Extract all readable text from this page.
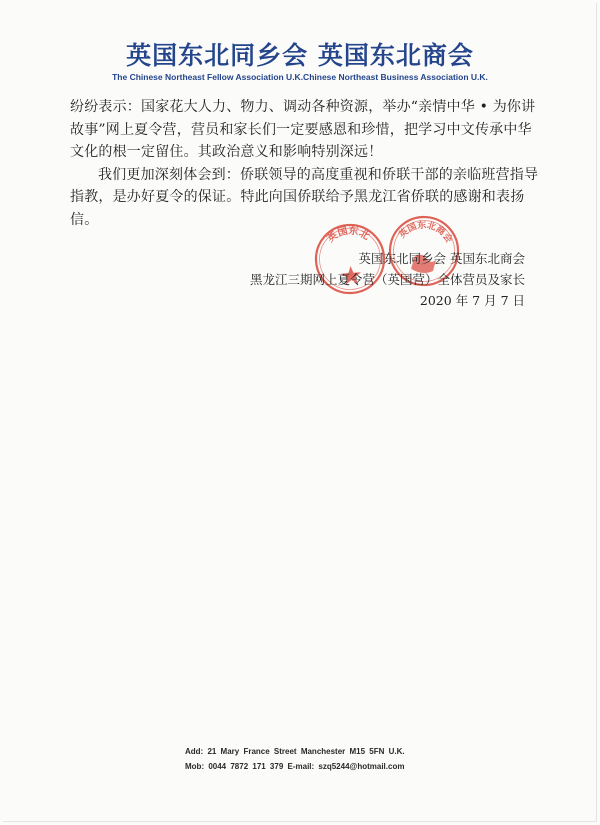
英国东北同乡会 英国东北商会
The Chinese Northeast Fellow Association U.K.Chinese Northeast Business Association U.K.

纷纷表示：国家花大人力、物力、调动各种资源，举办“亲情中华 • 为你讲故事”网上夏令营，营员和家长们一定要感恩和珍惜，把学习中文传承中华文化的根一定留住。其政治意义和影响特别深远！

我们更加深刻体会到：侨联领导的高度重视和侨联干部的亲临班营指导指教，是办好夏令的保证。特此向国侨联给予黑龙江省侨联的感谢和表扬信。

英国东北	英国东北商会
英国东北同乡会 英国东北商会
黑龙江三期网上夏令营（英国营）全体营员及家长
2020 年 7 月 7 日
Add: 21 Mary France Street Manchester M15 5FN U.K.
Mob: 0044 7872 171 379 E-mail: szq5244@hotmail.com
